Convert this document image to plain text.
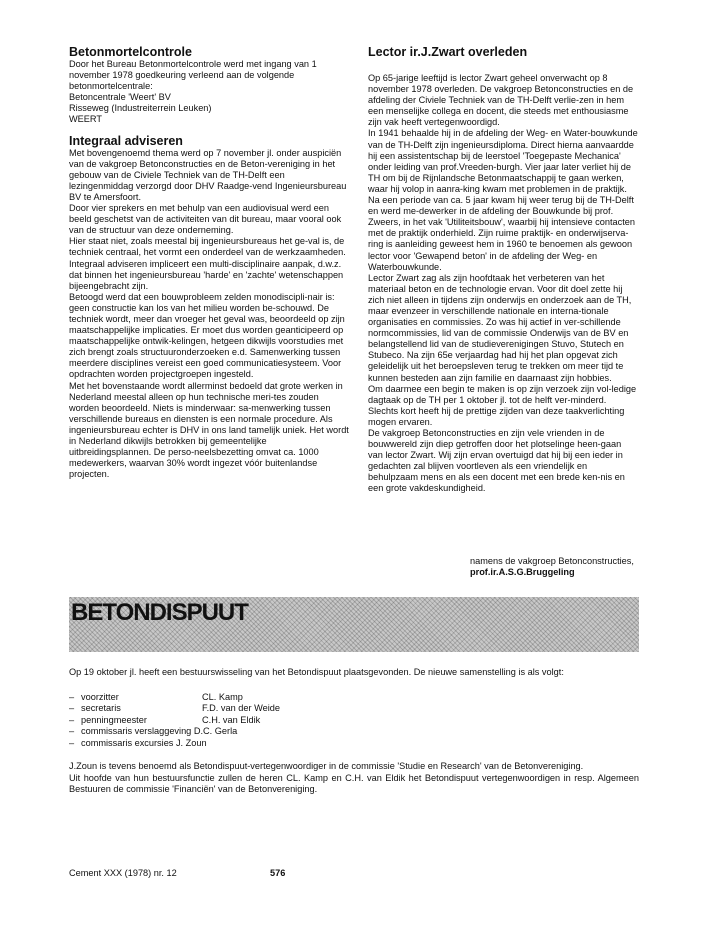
Betonmortelcontrole

Door het Bureau Betonmortelcontrole werd met ingang van 1 november 1978 goedkeuring verleend aan de volgende betonmortelcentrale:

Betoncentrale 'Weert' BV

Risseweg (Industreiterrein Leuken)

WEERT

Integraal adviseren

Met bovengenoemd thema werd op 7 november jl. onder auspiciën van de vakgroep Betonconstructies en de Beton-vereniging in het gebouw van de Civiele Techniek van de TH-Delft een lezingenmiddag verzorgd door DHV Raadge-vend Ingenieursbureau BV te Amersfoort.

Door vier sprekers en met behulp van een audiovisual werd een beeld geschetst van de activiteiten van dit bureau, maar vooral ook van de structuur van deze onderneming.

Hier staat niet, zoals meestal bij ingenieursbureaus het ge-val is, de techniek centraal, het vormt een onderdeel van de werkzaamheden. Integraal adviseren impliceert een multi-disciplinaire aanpak, d.w.z. dat binnen het ingenieursbureau 'harde' en 'zachte' wetenschappen bijeengebracht zijn.

Betoogd werd dat een bouwprobleem zelden monodiscipli-nair is: geen constructie kan los van het milieu worden be-schouwd. De techniek wordt, meer dan vroeger het geval was, beoordeeld op zijn maatschappelijke implicaties. Er moet dus worden geanticipeerd op maatschappelijke ontwik-kelingen, hetgeen dikwijls voorstudies met zich brengt zoals structuuronderzoeken e.d. Samenwerking tussen meerdere disciplines vereist een goed communicatiesysteem. Voor opdrachten worden projectgroepen ingesteld.

Met het bovenstaande wordt allerminst bedoeld dat grote werken in Nederland meestal alleen op hun technische meri-tes zouden worden beoordeeld. Niets is minderwaar: sa-menwerking tussen verschillende bureaus en diensten is een normale procedure. Als ingenieursbureau echter is DHV in ons land tamelijk uniek. Het wordt in Nederland dikwijls betrokken bij gemeentelijke uitbreidingsplannen. De perso-neelsbezetting omvat ca. 1000 medewerkers, waarvan 30% wordt ingezet vóór buitenlandse projecten.

Lector ir.J.Zwart overleden

Op 65-jarige leeftijd is lector Zwart geheel onverwacht op 8 november 1978 overleden. De vakgroep Betonconstructies en de afdeling der Civiele Techniek van de TH-Delft verlie-zen in hem een menselijke collega en docent, die steeds met enthousiasme zijn vak heeft vertegenwoordigd.

In 1941 behaalde hij in de afdeling der Weg- en Water-bouwkunde van de TH-Delft zijn ingenieursdiploma. Direct hierna aanvaardde hij een assistentschap bij de leerstoel 'Toegepaste Mechanica' onder leiding van prof.Vreeden-burgh. Vier jaar later verliet hij de TH om bij de Rijnlandsche Betonmaatschappij te gaan werken, waar hij volop in aanra-king kwam met problemen in de praktijk. Na een periode van ca. 5 jaar kwam hij weer terug bij de TH-Delft en werd me-dewerker in de afdeling der Bouwkunde bij prof. Zweers, in het vak 'Utiliteitsbouw', waarbij hij intensieve contacten met de praktijk onderhield. Zijn ruime praktijk- en onderwijserva-ring is aanleiding geweest hem in 1960 te benoemen als gewoon lector voor 'Gewapend beton' in de afdeling der Weg- en Waterbouwkunde.

Lector Zwart zag als zijn hoofdtaak het verbeteren van het materiaal beton en de technologie ervan. Voor dit doel zette hij zich niet alleen in tijdens zijn onderwijs en onderzoek aan de TH, maar evenzeer in verschillende nationale en interna-tionale organisaties en commissies. Zo was hij actief in ver-schillende normcommissies, lid van de commissie Onderwijs van de BV en belangstellend lid van de studieverenigingen Stuvo, Stutech en Stubeco. Na zijn 65e verjaardag had hij het plan opgevat zich geleidelijk uit het beroepsleven terug te trekken om meer tijd te kunnen besteden aan zijn familie en daarnaast zijn hobbies.

Om daarmee een begin te maken is op zijn verzoek zijn vol-ledige dagtaak op de TH per 1 oktober jl. tot de helft ver-minderd. Slechts kort heeft hij de prettige zijden van deze taakverlichting mogen ervaren.

De vakgroep Betonconstructies en zijn vele vrienden in de bouwwereld zijn diep getroffen door het plotselinge heen-gaan van lector Zwart. Wij zijn ervan overtuigd dat hij bij een ieder in gedachten zal blijven voortleven als een vriendelijk en behulpzaam mens en als een docent met een brede ken-nis en een grote vakdeskundigheid.

namens de vakgroep Betonconstructies,
prof.ir.A.S.G.Bruggeling
BETONDISPUUT

Op 19 oktober jl. heeft een bestuurswisseling van het Betondispuut plaatsgevonden. De nieuwe samenstelling is als volgt:

– voorzitter	CL. Kamp
– secretaris	F.D. van der Weide
– penningmeester	C.H. van Eldik
– commissaris verslaggeving D.C. Gerla
– commissaris excursies J. Zoun

J.Zoun is tevens benoemd als Betondispuut-vertegenwoordiger in de commissie 'Studie en Research' van de Betonvereniging.

Uit hoofde van hun bestuursfunctie zullen de heren CL. Kamp en C.H. van Eldik het Betondispuut vertegenwoordigen in resp. Algemeen Bestuuren de commissie 'Financiën' van de Betonvereniging.

Cement XXX (1978) nr. 12	576
